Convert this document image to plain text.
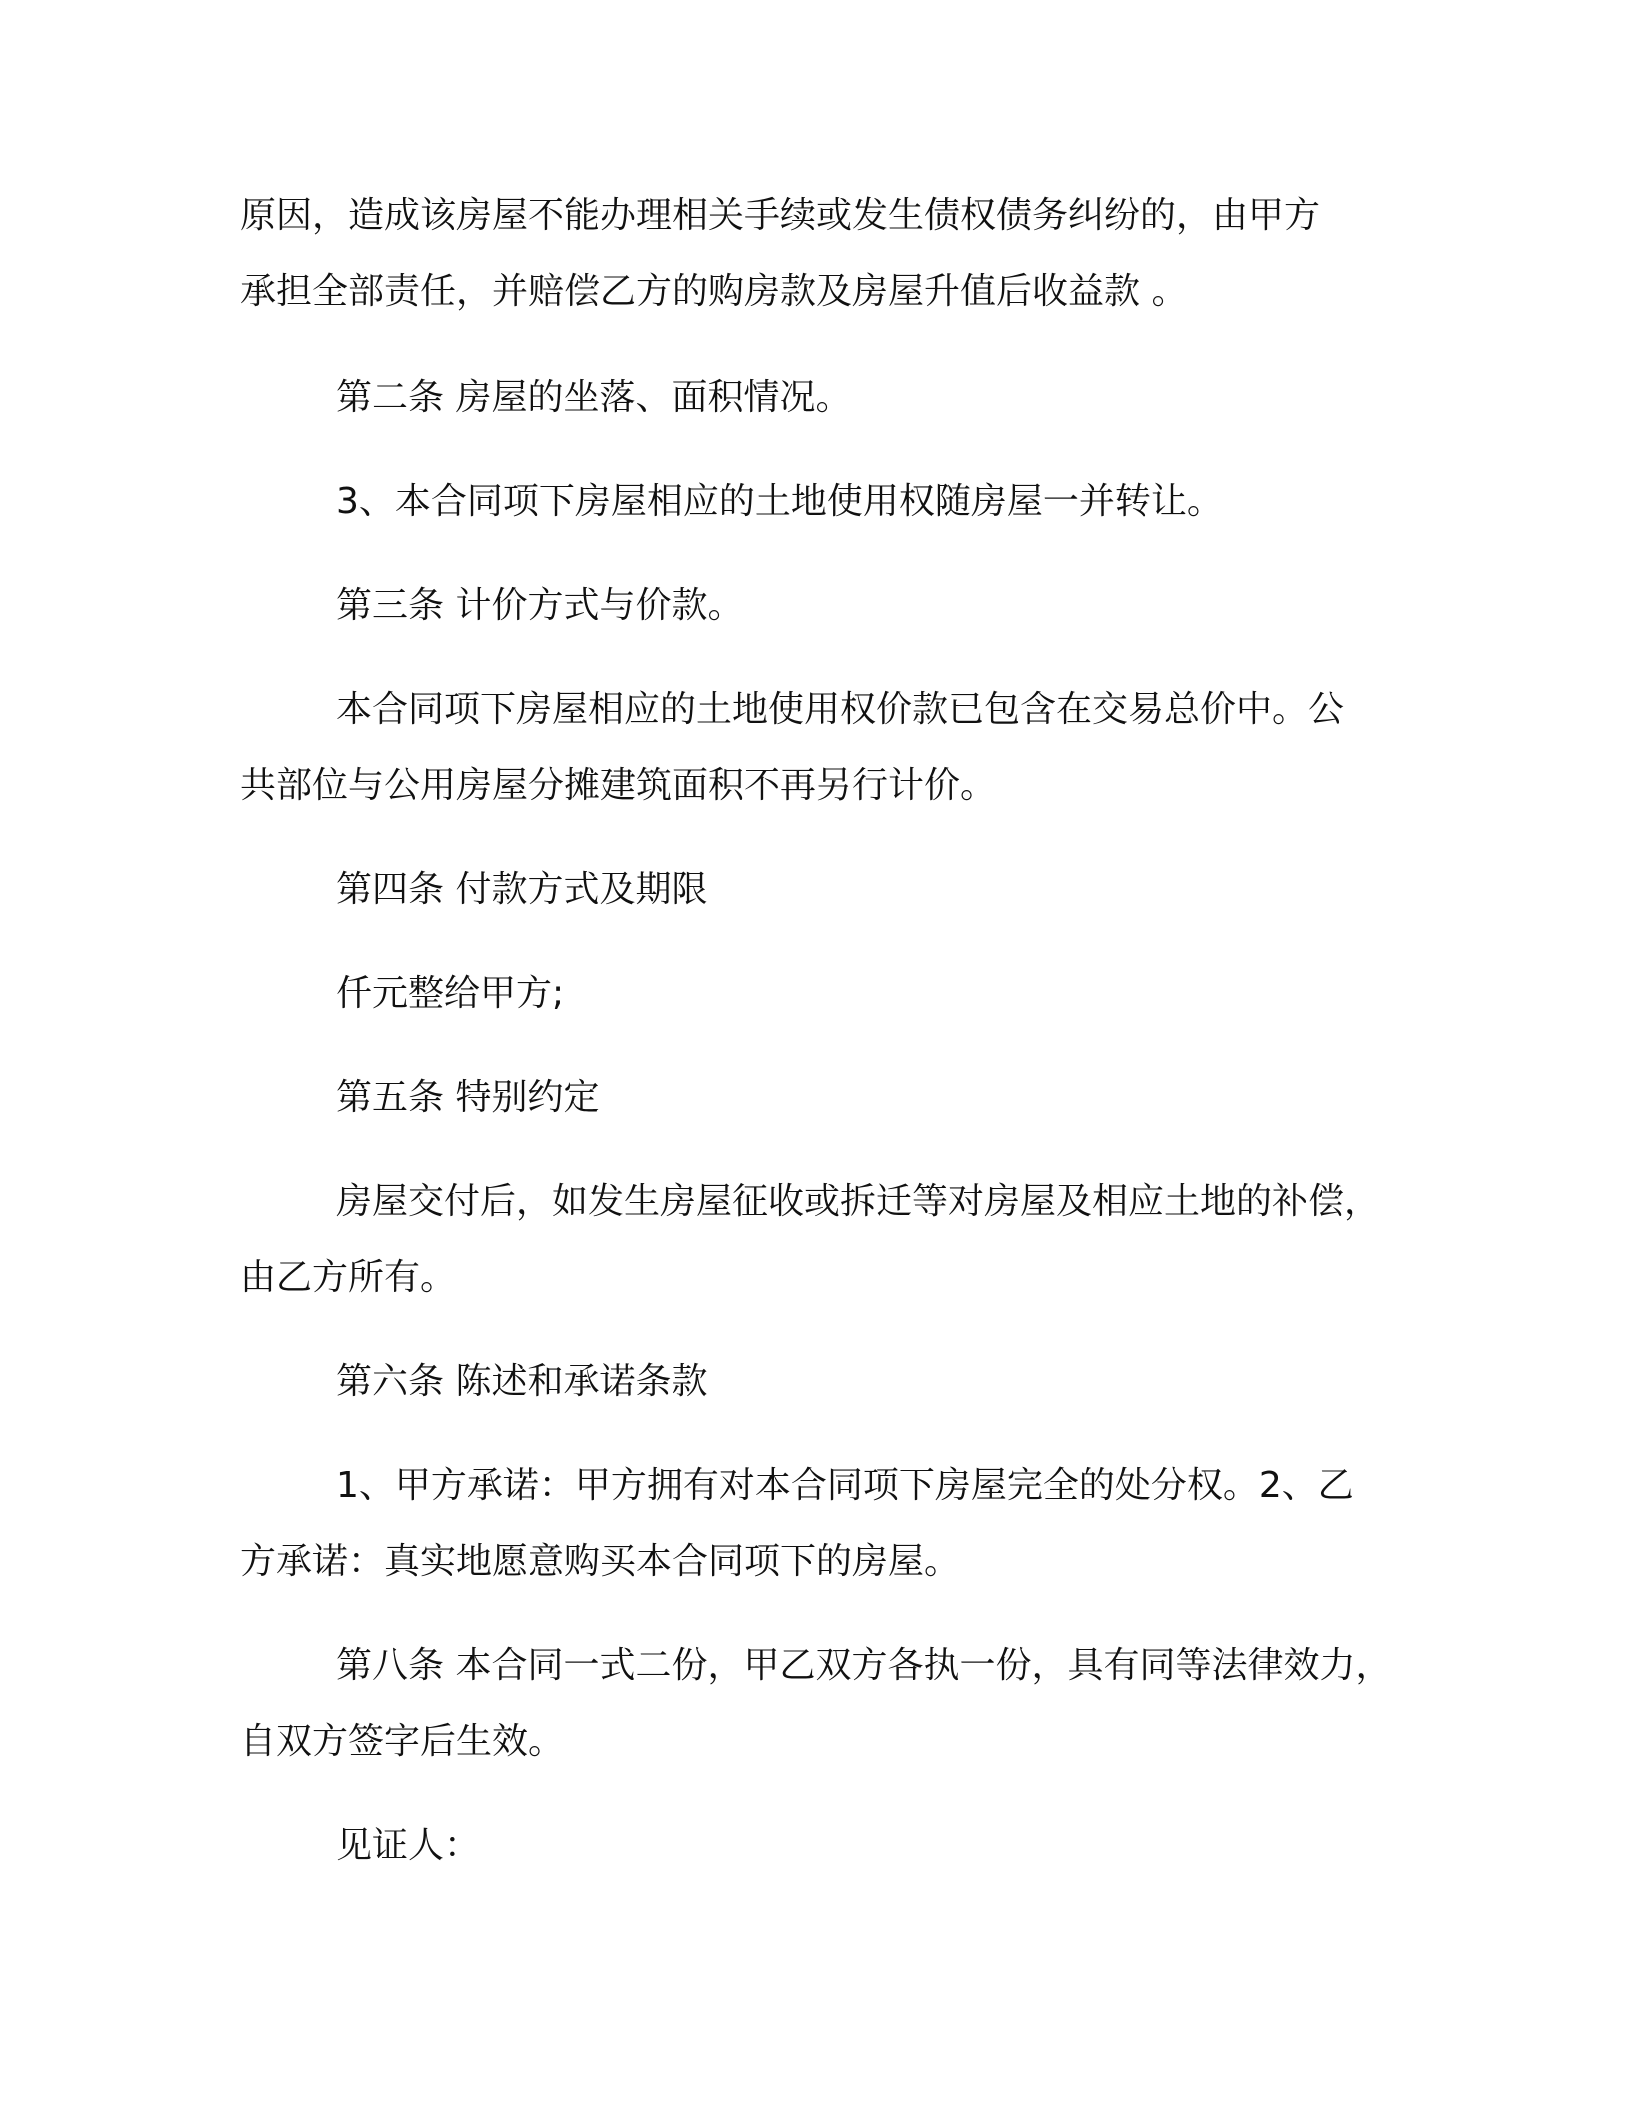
原因，造成该房屋不能办理相关手续或发生债权债务纠纷的，由甲方
承担全部责任，并赔偿乙方的购房款及房屋升值后收益款 。

第二条 房屋的坐落、面积情况。

3、本合同项下房屋相应的土地使用权随房屋一并转让。

第三条 计价方式与价款。

本合同项下房屋相应的土地使用权价款已包含在交易总价中。公
共部位与公用房屋分摊建筑面积不再另行计价。

第四条 付款方式及期限

仟元整给甲方;

第五条 特别约定

房屋交付后，如发生房屋征收或拆迁等对房屋及相应土地的补偿，
由乙方所有。

第六条 陈述和承诺条款

1、甲方承诺：甲方拥有对本合同项下房屋完全的处分权。2、乙
方承诺：真实地愿意购买本合同项下的房屋。

第八条 本合同一式二份，甲乙双方各执一份，具有同等法律效力，
自双方签字后生效。

见证人：
